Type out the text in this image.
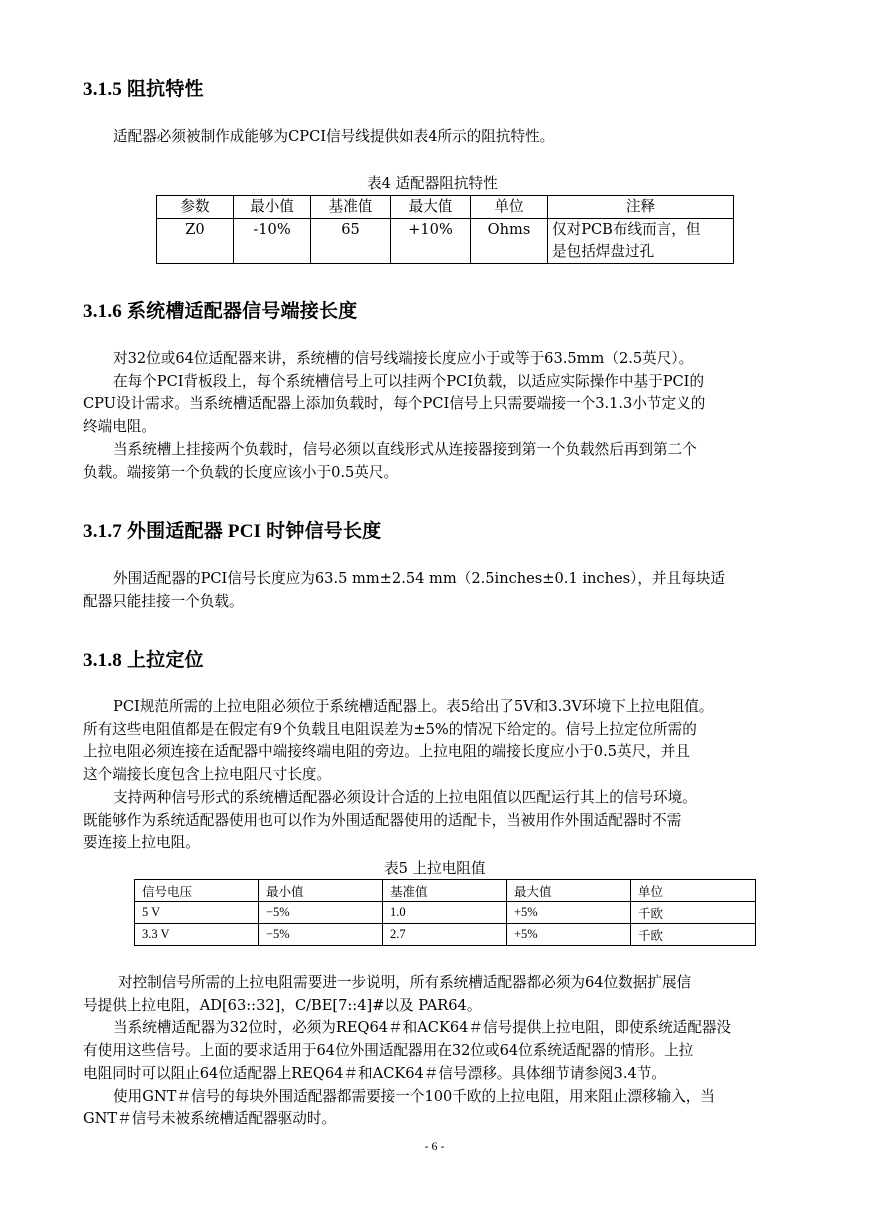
3.1.5 阻抗特性

适配器必须被制作成能够为CPCI信号线提供如表4所示的阻抗特性。

表4 适配器阻抗特性
参数	最小值	基准值	最大值	单位	注释
Z0	-10%	65	+10%	Ohms	仅对PCB布线而言，但
是包括焊盘过孔
3.1.6 系统槽适配器信号端接长度

对32位或64位适配器来讲，系统槽的信号线端接长度应小于或等于63.5mm（2.5英尺）。
在每个PCI背板段上，每个系统槽信号上可以挂两个PCI负载，以适应实际操作中基于PCI的
CPU设计需求。当系统槽适配器上添加负载时，每个PCI信号上只需要端接一个3.1.3小节定义的
终端电阻。
当系统槽上挂接两个负载时，信号必须以直线形式从连接器接到第一个负载然后再到第二个
负载。端接第一个负载的长度应该小于0.5英尺。

3.1.7 外围适配器 PCI 时钟信号长度

外围适配器的PCI信号长度应为63.5 mm±2.54 mm（2.5inches±0.1 inches），并且每块适
配器只能挂接一个负载。

3.1.8 上拉定位

PCI规范所需的上拉电阻必须位于系统槽适配器上。表5给出了5V和3.3V环境下上拉电阻值。
所有这些电阻值都是在假定有9个负载且电阻误差为±5%的情况下给定的。信号上拉定位所需的
上拉电阻必须连接在适配器中端接终端电阻的旁边。上拉电阻的端接长度应小于0.5英尺，并且
这个端接长度包含上拉电阻尺寸长度。
支持两种信号形式的系统槽适配器必须设计合适的上拉电阻值以匹配运行其上的信号环境。
既能够作为系统适配器使用也可以作为外围适配器使用的适配卡，当被用作外围适配器时不需
要连接上拉电阻。

表5 上拉电阻值
信号电压	最小值	基准值	最大值	单位
5 V	−5%	1.0	+5%	千欧
3.3 V	−5%	2.7	+5%	千欧

对控制信号所需的上拉电阻需要进一步说明，所有系统槽适配器都必须为64位数据扩展信
号提供上拉电阻，AD[63::32]，C/BE[7::4]#以及 PAR64。
当系统槽适配器为32位时，必须为REQ64＃和ACK64＃信号提供上拉电阻，即使系统适配器没
有使用这些信号。上面的要求适用于64位外围适配器用在32位或64位系统适配器的情形。上拉
电阻同时可以阻止64位适配器上REQ64＃和ACK64＃信号漂移。具体细节请参阅3.4节。
使用GNT＃信号的每块外围适配器都需要接一个100千欧的上拉电阻，用来阻止漂移输入，当
GNT＃信号未被系统槽适配器驱动时。

- 6 -
